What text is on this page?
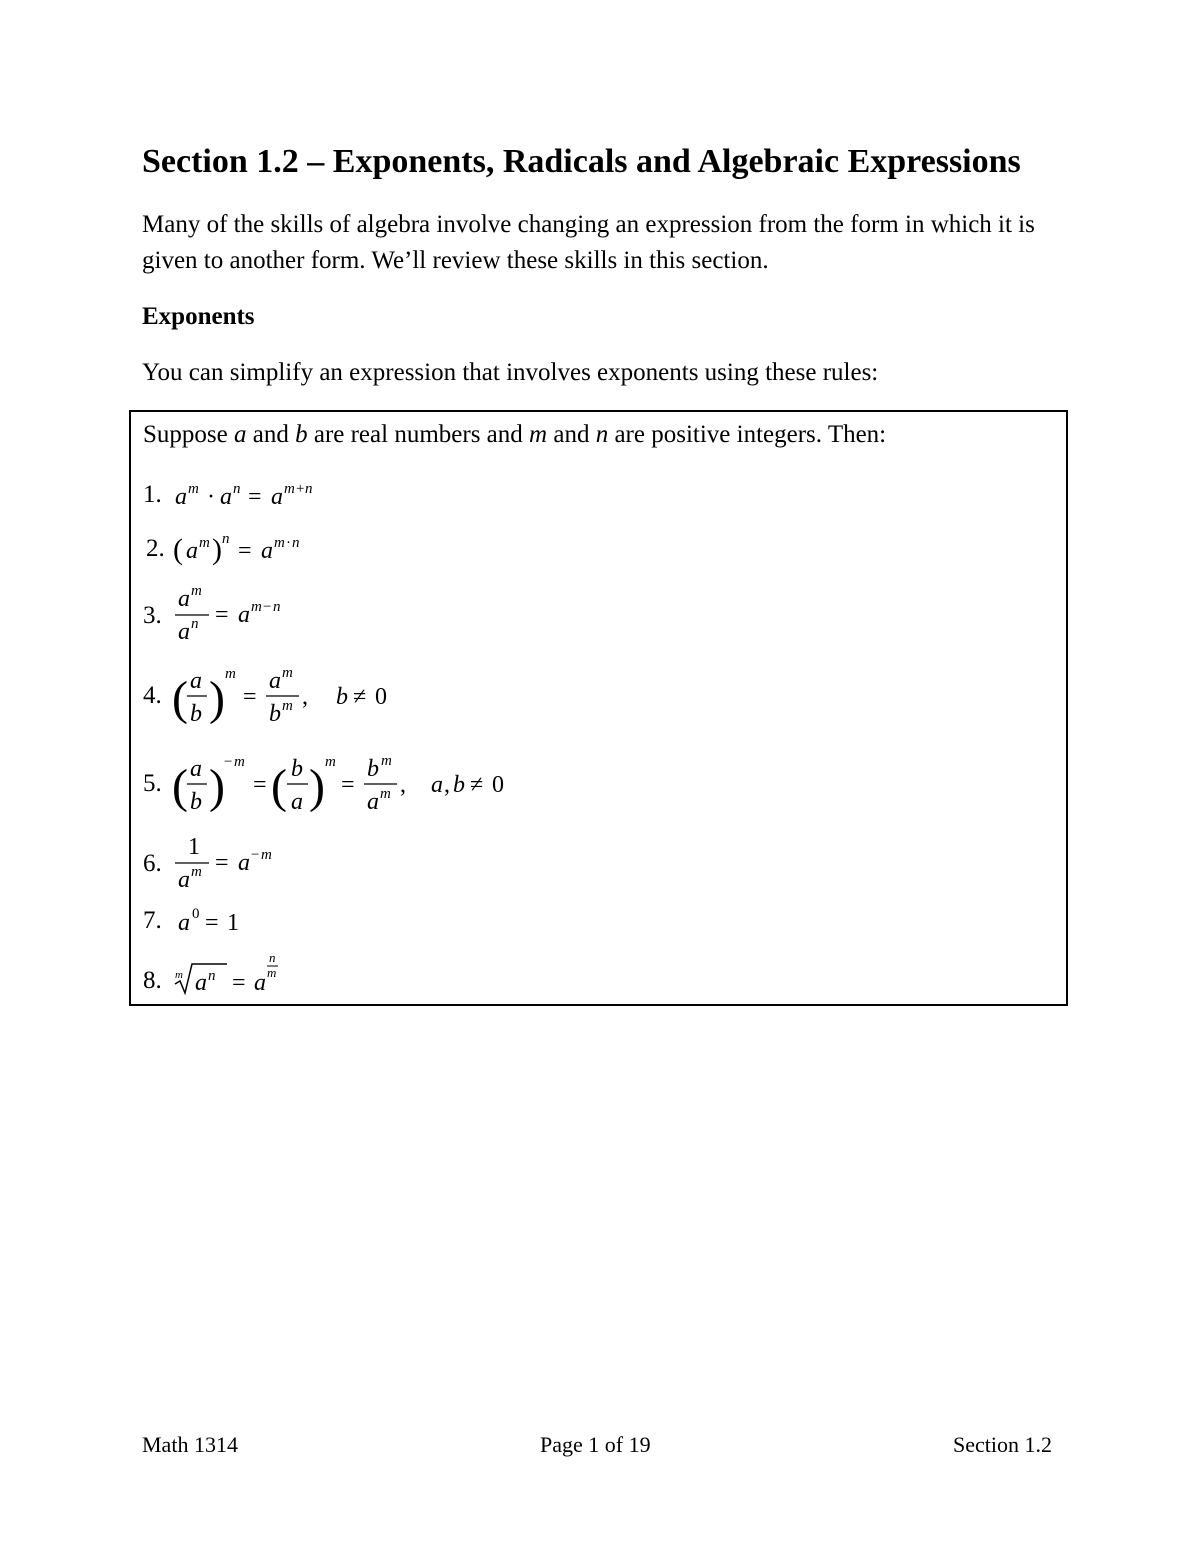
Section 1.2 – Exponents, Radicals and Algebraic Expressions

Many of the skills of algebra involve changing an expression from the form in which it is given to another form. We’ll review these skills in this section.

Exponents

You can simplify an expression that involves exponents using these rules:

Suppose a and b are real numbers and m and n are positive integers. Then:
1. a m · a n = a m + n
2. ( a m ) n = a m · n
3.
a m
a n = a m − n
4. ( a
b ) m
=
a m
b m , b ≠ 0
5. ( a
b ) − m
= ( b
a ) m
=
b m
a m , a , b ≠ 0
6.
1
a m = a − m
7. a 0 = 1
8. m a n = a
n
m
Math 1314	Page 1 of 19	Section 1.2
